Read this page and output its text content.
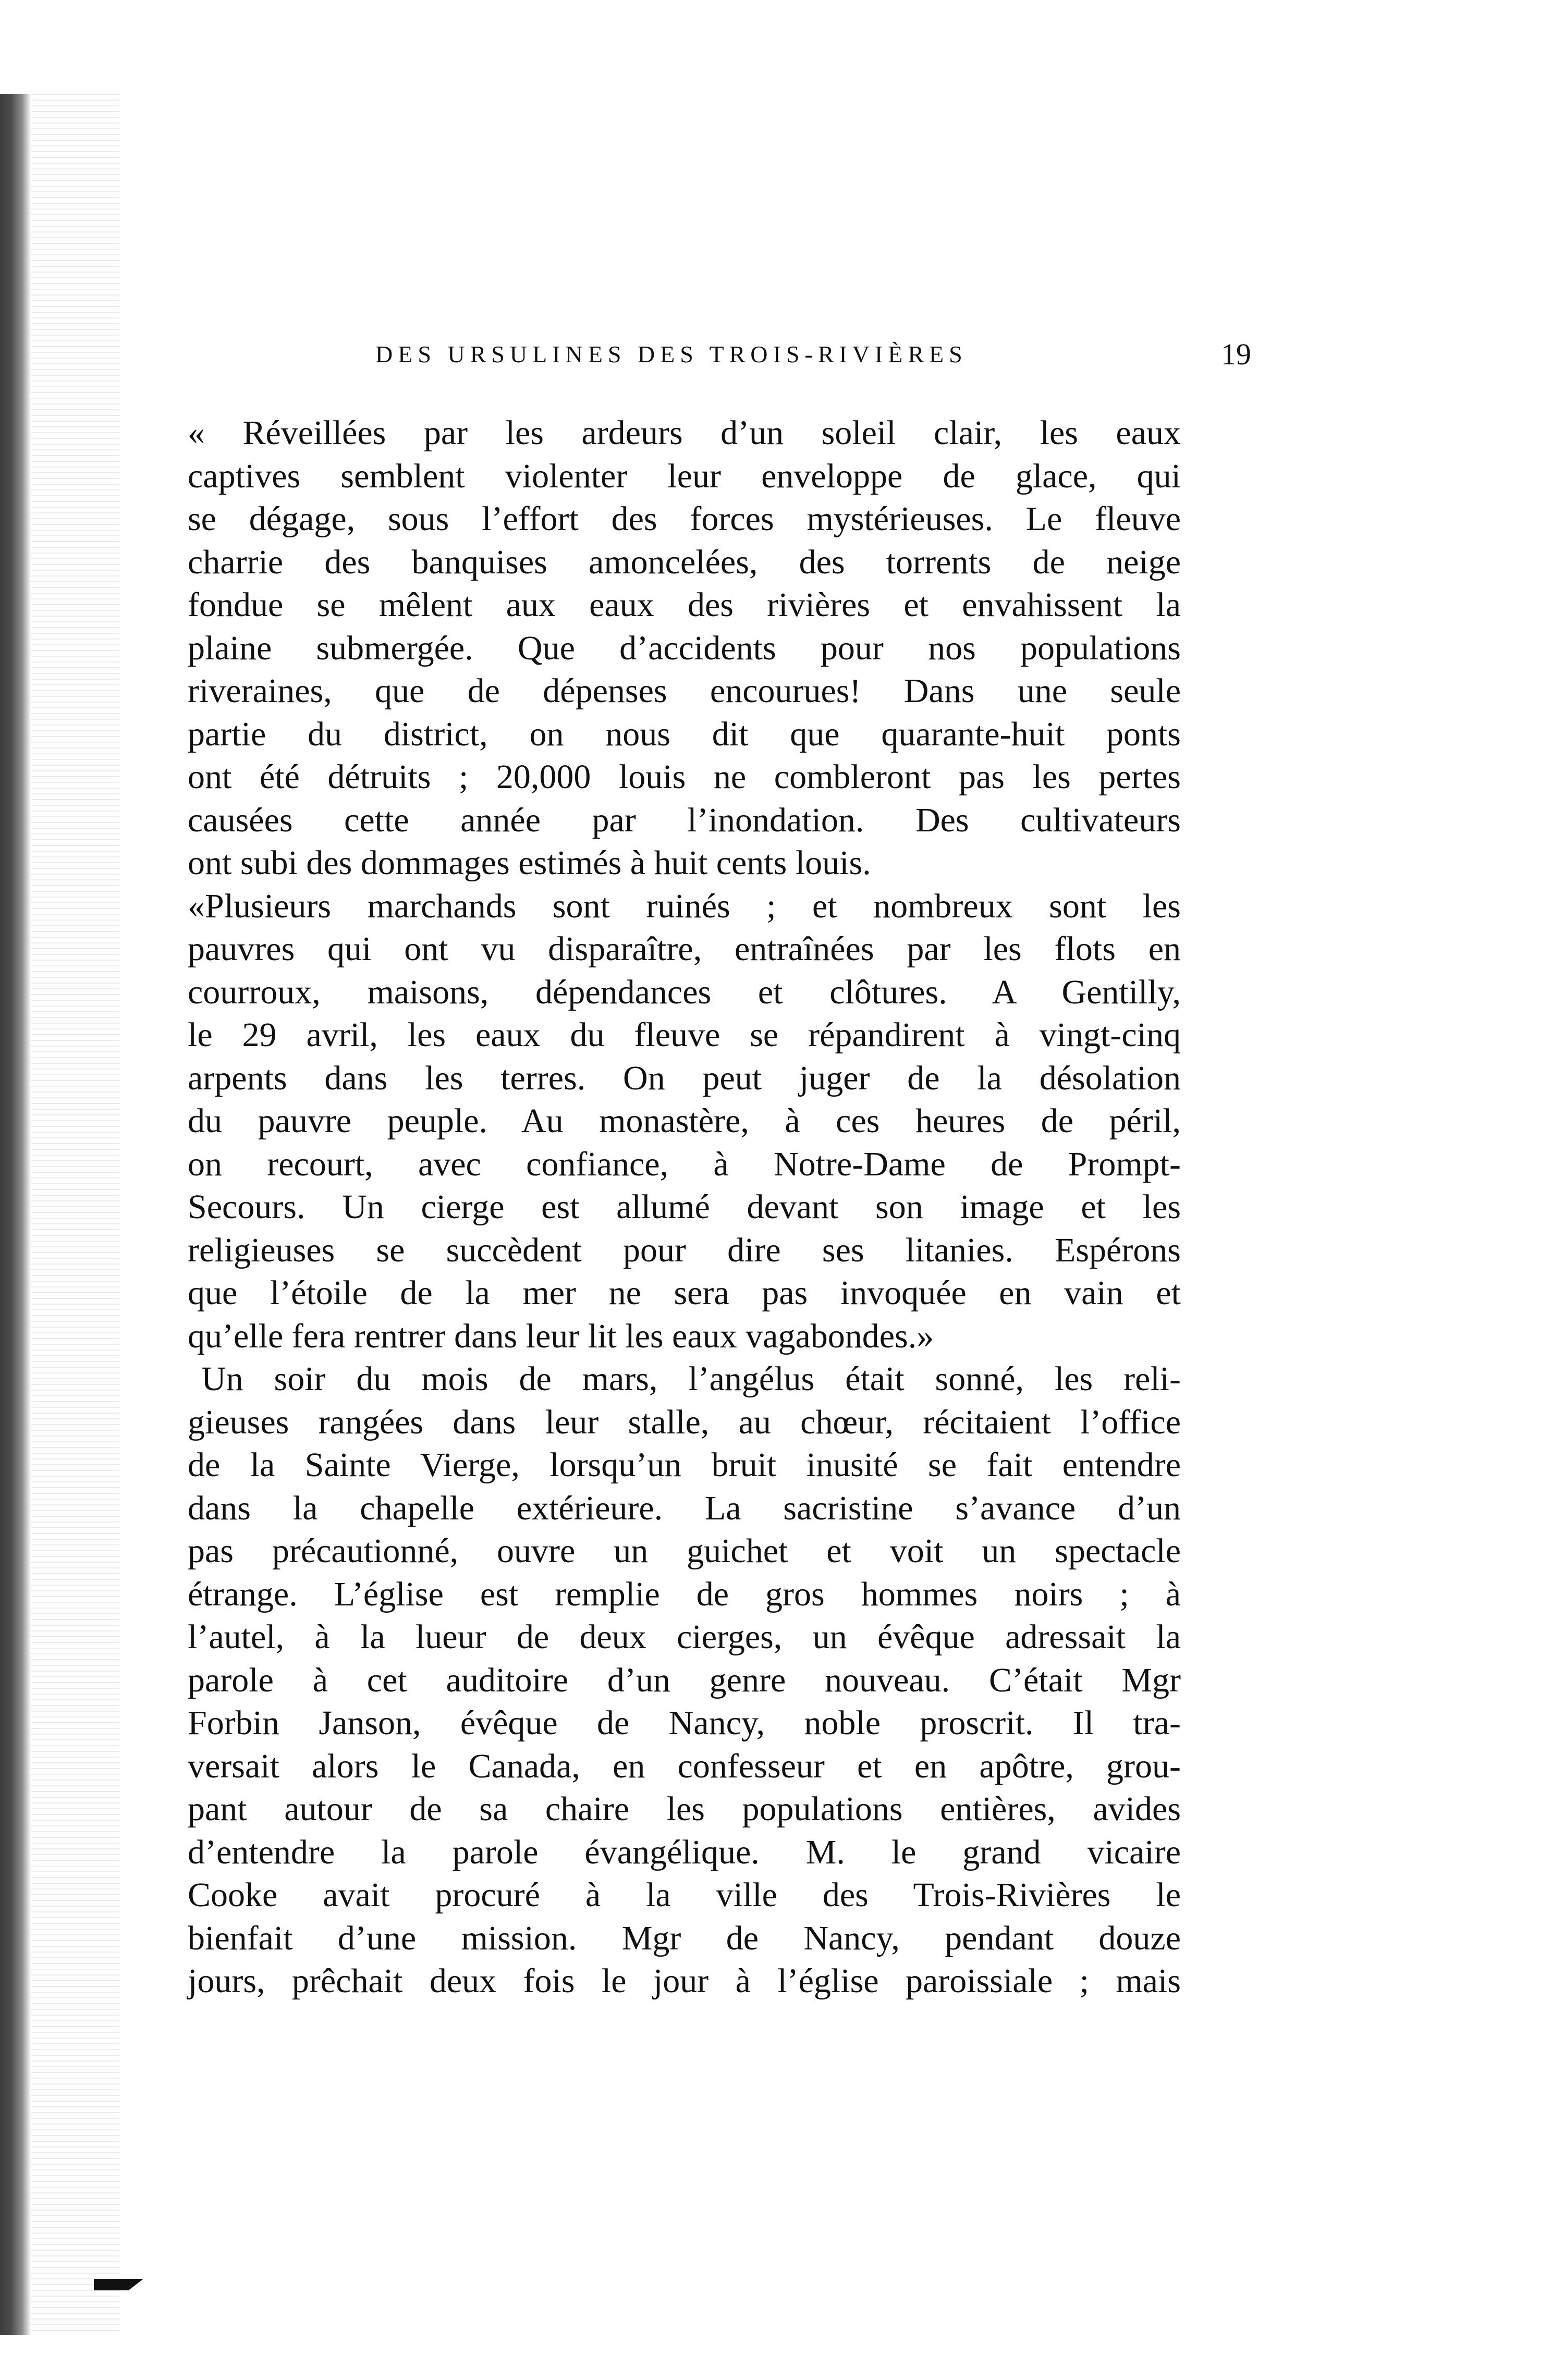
DES URSULINES DES TROIS-RIVIÈRES	19
« Réveillées par les ardeurs d’un soleil clair, les eaux
captives semblent violenter leur enveloppe de glace, qui
se dégage, sous l’effort des forces mystérieuses. Le fleuve
charrie des banquises amoncelées, des torrents de neige
fondue se mêlent aux eaux des rivières et envahissent la
plaine submergée. Que d’accidents pour nos populations
riveraines, que de dépenses encourues! Dans une seule
partie du district, on nous dit que quarante-huit ponts
ont été détruits ; 20,000 louis ne combleront pas les pertes
causées cette année par l’inondation. Des cultivateurs
ont subi des dommages estimés à huit cents louis.
«Plusieurs marchands sont ruinés ; et nombreux sont les
pauvres qui ont vu disparaître, entraînées par les flots en
courroux, maisons, dépendances et clôtures. A Gentilly,
le 29 avril, les eaux du fleuve se répandirent à vingt-cinq
arpents dans les terres. On peut juger de la désolation
du pauvre peuple. Au monastère, à ces heures de péril,
on recourt, avec confiance, à Notre-Dame de Prompt-
Secours. Un cierge est allumé devant son image et les
religieuses se succèdent pour dire ses litanies. Espérons
que l’étoile de la mer ne sera pas invoquée en vain et
qu’elle fera rentrer dans leur lit les eaux vagabondes.»
Un soir du mois de mars, l’angélus était sonné, les reli-
gieuses rangées dans leur stalle, au chœur, récitaient l’office
de la Sainte Vierge, lorsqu’un bruit inusité se fait entendre
dans la chapelle extérieure. La sacristine s’avance d’un
pas précautionné, ouvre un guichet et voit un spectacle
étrange. L’église est remplie de gros hommes noirs ; à
l’autel, à la lueur de deux cierges, un évêque adressait la
parole à cet auditoire d’un genre nouveau. C’était Mgr
Forbin Janson, évêque de Nancy, noble proscrit. Il tra-
versait alors le Canada, en confesseur et en apôtre, grou-
pant autour de sa chaire les populations entières, avides
d’entendre la parole évangélique. M. le grand vicaire
Cooke avait procuré à la ville des Trois-Rivières le
bienfait d’une mission. Mgr de Nancy, pendant douze
jours, prêchait deux fois le jour à l’église paroissiale ; mais
